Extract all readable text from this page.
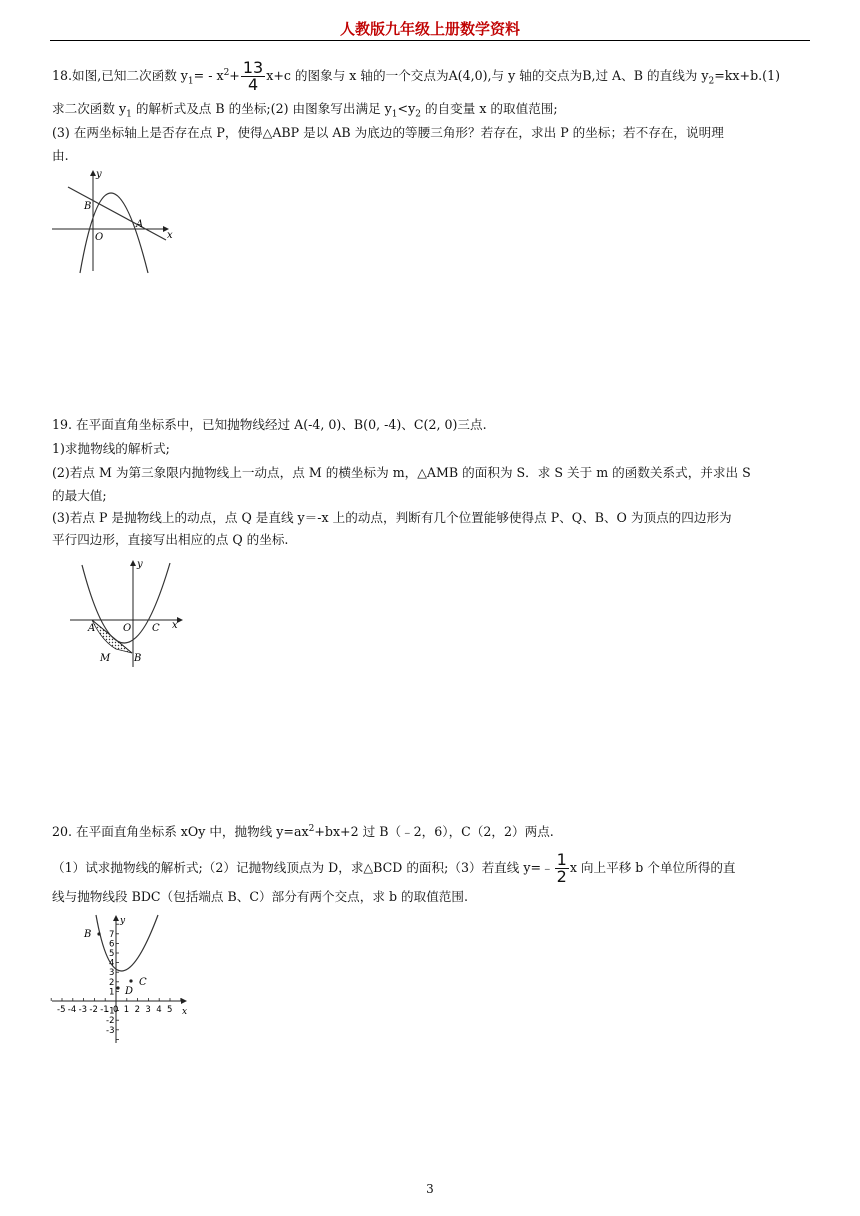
人教版九年级上册数学资料

18.如图,已知二次函数 $y_1= - x^2+ \frac{13}{4} x+c$ 的图象与 x 轴的一个交点为A(4,0),与 y 轴的交点为B,过 A、B 的直线为 $y_2=kx+b.(1)$

求二次函数 $y_1$ 的解析式及点 B 的坐标;(2) 由图象写出满足 $y_1<y_2$ 的自变量 x 的取值范围;

(3) 在两坐标轴上是否存在点 P，使得△ABP 是以 AB 为底边的等腰三角形？若存在，求出 P 的坐标；若不存在，说明理

由.

y
B
O
A
x

19. 在平面直角坐标系中，已知抛物线经过 A(-4, 0)、B(0, -4)、C(2, 0)三点.

1)求抛物线的解析式;

(2)若点 M 为第三象限内抛物线上一动点，点 M 的横坐标为 m，△AMB 的面积为 S．求 S 关于 m 的函数关系式，并求出 S

的最大值;

(3)若点 P 是抛物线上的动点，点 Q 是直线 y＝-x 上的动点，判断有几个位置能够使得点 P、Q、B、O 为顶点的四边形为

平行四边形，直接写出相应的点 Q 的坐标.

y
A	O C x
M B

20. 在平面直角坐标系 xOy 中，抛物线 $y=ax^2+bx+2$ 过 B（﹣2，6），C（2，2）两点.

（1）试求抛物线的解析式;（2）记抛物线顶点为 D，求△BCD 的面积;（3）若直线 y=﹣ $\frac{1}{2}$ x 向上平移 b 个单位所得的直

线与抛物线段 BDC（包括端点 B、C）部分有两个交点，求 b 的取值范围.

-5 -4 -3 -2 -1 0 1 2 3 4 5
7
6
5
4
3
2
1
-1
-2
-3
y
B
D
C
x
3
